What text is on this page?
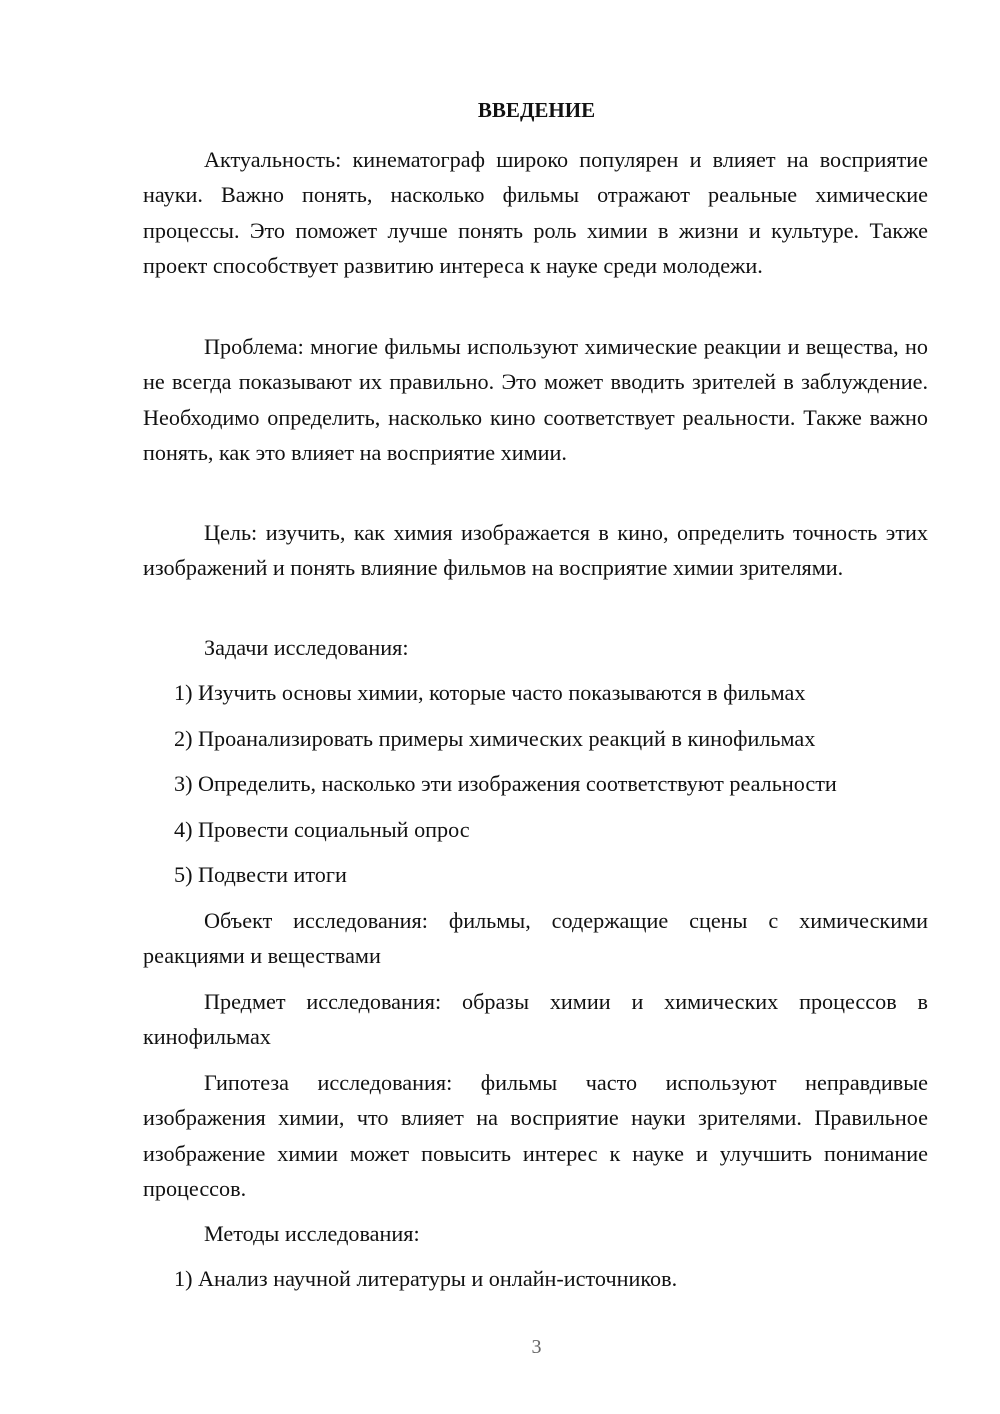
ВВЕДЕНИЕ

Актуальность: кинематограф широко популярен и влияет на восприятие науки. Важно понять, насколько фильмы отражают реальные химические процессы. Это поможет лучше понять роль химии в жизни и культуре. Также проект способствует развитию интереса к науке среди молодежи.

Проблема: многие фильмы используют химические реакции и вещества, но не всегда показывают их правильно. Это может вводить зрителей в заблуждение. Необходимо определить, насколько кино соответствует реальности. Также важно понять, как это влияет на восприятие химии.

Цель: изучить, как химия изображается в кино, определить точность этих изображений и понять влияние фильмов на восприятие химии зрителями.

Задачи исследования:

1) Изучить основы химии, которые часто показываются в фильмах

2) Проанализировать примеры химических реакций в кинофильмах

3) Определить, насколько эти изображения соответствуют реальности

4) Провести социальный опрос

5) Подвести итоги

Объект исследования: фильмы, содержащие сцены с химическими реакциями и веществами

Предмет исследования: образы химии и химических процессов в кинофильмах

Гипотеза исследования: фильмы часто используют неправдивые изображения химии, что влияет на восприятие науки зрителями. Правильное изображение химии может повысить интерес к науке и улучшить понимание процессов.

Методы исследования:

1) Анализ научной литературы и онлайн-источников.

3
